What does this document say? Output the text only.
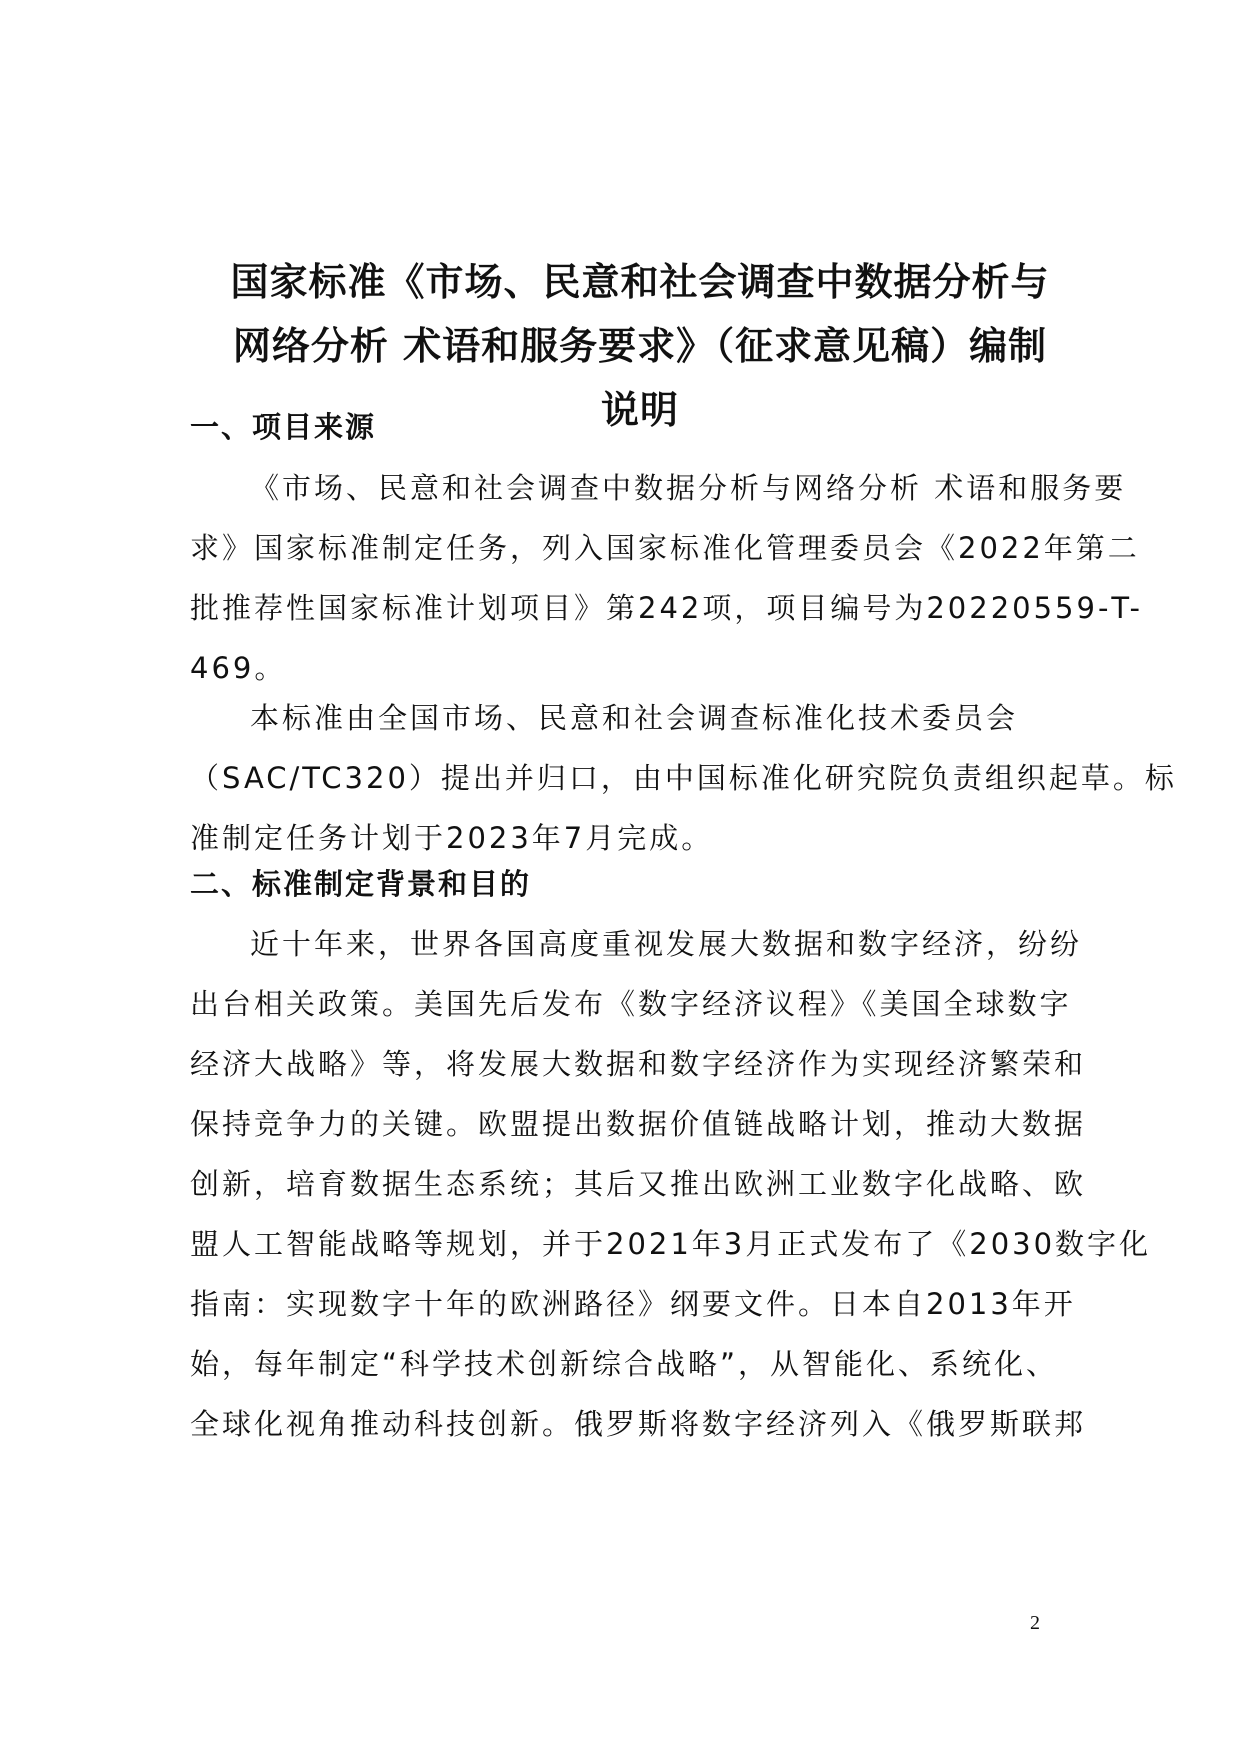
国家标准《市场、民意和社会调查中数据分析与
网络分析 术语和服务要求》（征求意见稿）编制
说明
一、项目来源
《市场、民意和社会调查中数据分析与网络分析 术语和服务要
求》国家标准制定任务，列入国家标准化管理委员会《2022年第二
批推荐性国家标准计划项目》第242项，项目编号为20220559-T-
469。
本标准由全国市场、民意和社会调查标准化技术委员会
（SAC/TC320）提出并归口，由中国标准化研究院负责组织起草。标
准制定任务计划于2023年7月完成。
二、标准制定背景和目的
近十年来，世界各国高度重视发展大数据和数字经济，纷纷
出台相关政策。美国先后发布《数字经济议程》《美国全球数字
经济大战略》等，将发展大数据和数字经济作为实现经济繁荣和
保持竞争力的关键。欧盟提出数据价值链战略计划，推动大数据
创新，培育数据生态系统；其后又推出欧洲工业数字化战略、欧
盟人工智能战略等规划，并于2021年3月正式发布了《2030数字化
指南：实现数字十年的欧洲路径》纲要文件。日本自2013年开
始，每年制定“科学技术创新综合战略”，从智能化、系统化、
全球化视角推动科技创新。俄罗斯将数字经济列入《俄罗斯联邦
2
